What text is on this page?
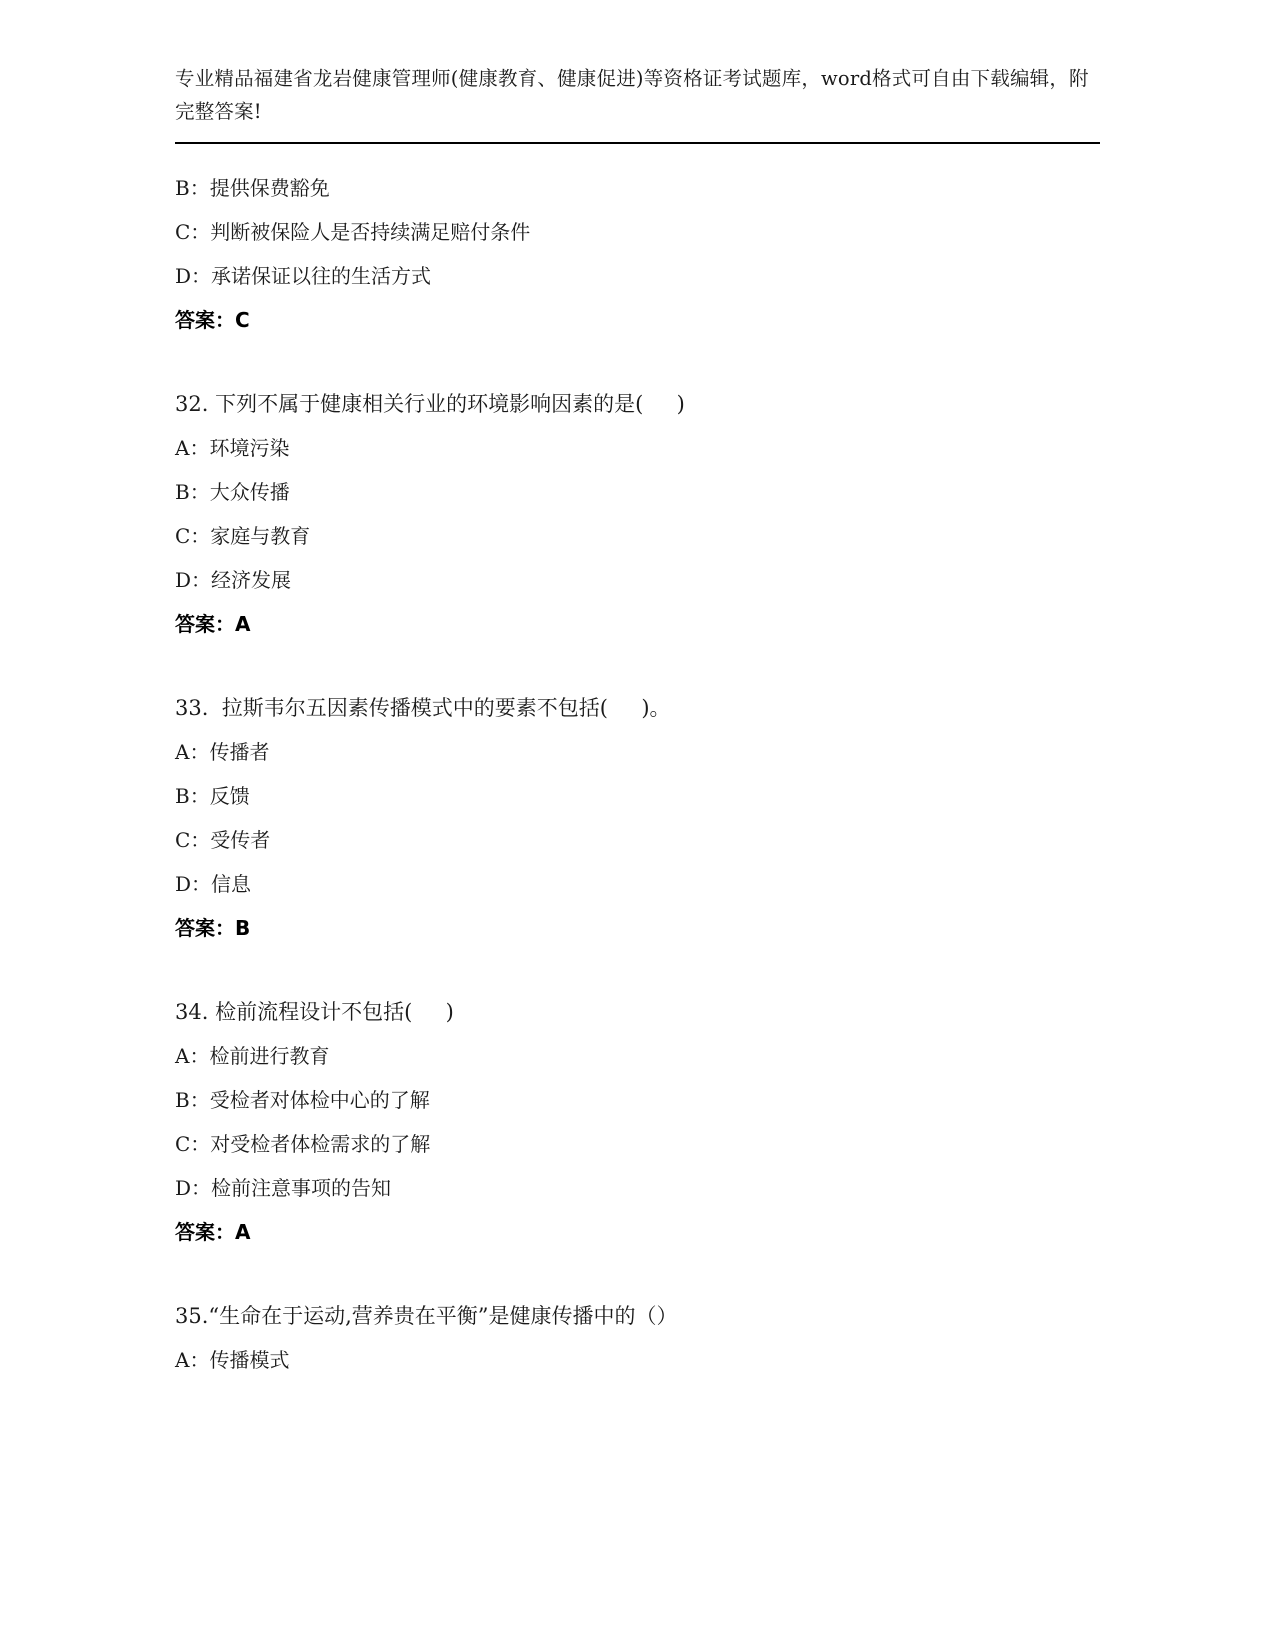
专业精品福建省龙岩健康管理师(健康教育、健康促进)等资格证考试题库，word格式可自由下载编辑，附完整答案!
B：提供保费豁免
C：判断被保险人是否持续满足赔付条件
D：承诺保证以往的生活方式
答案：C
32. 下列不属于健康相关行业的环境影响因素的是(     )
A：环境污染
B：大众传播
C：家庭与教育
D：经济发展
答案：A
33.  拉斯韦尔五因素传播模式中的要素不包括(     )。
A：传播者
B：反馈
C：受传者
D：信息
答案：B
34. 检前流程设计不包括(     )
A：检前进行教育
B：受检者对体检中心的了解
C：对受检者体检需求的了解
D：检前注意事项的告知
答案：A
35.“生命在于运动,营养贵在平衡”是健康传播中的（）
A：传播模式
